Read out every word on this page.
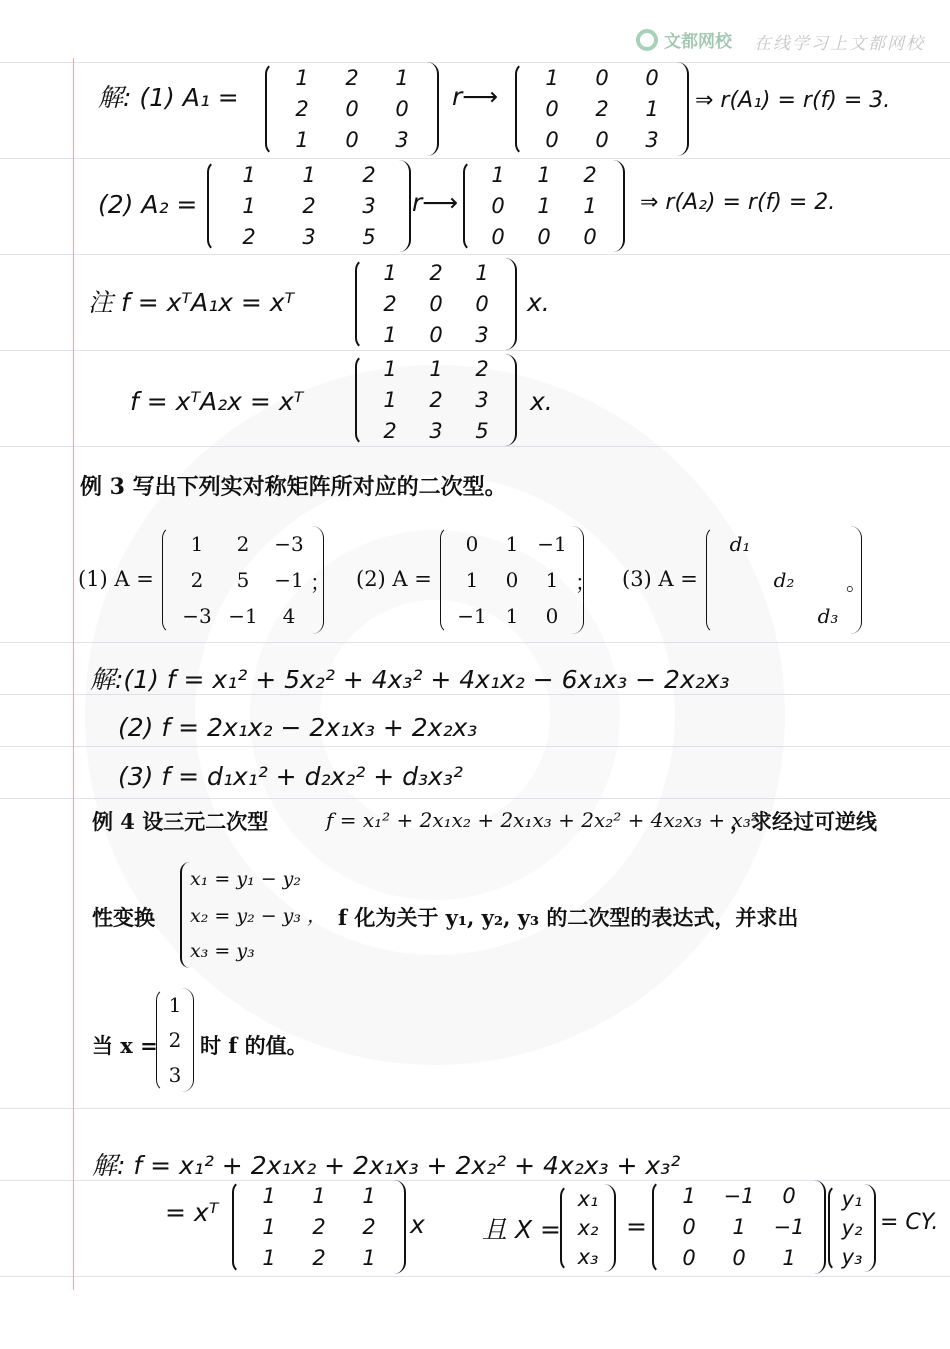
文都网校 在线学习上文都网校
解: (1) A₁ =
1 2 1
2 0 0
1 0 3
r⟶
1 0 0
0 2 1
0 0 3
⇒ r(A₁) = r(f) = 3.
(2) A₂ =
1 1 2
1 2 3
2 3 5
r⟶
1 1 2
0 1 1
0 0 0
⇒ r(A₂) = r(f) = 2.
注 f = xᵀA₁x = xᵀ
1 2 1
2 0 0
1 0 3
x.
f = xᵀA₂x = xᵀ
1 1 2
1 2 3
2 3 5
x.
例 3 写出下列实对称矩阵所对应的二次型。
(1) A =
1 2 −3
2 5 −1
−3 −1 4
； (2) A =
0 1 −1
1 0 1
−1 1 0
； (3) A =
d₁
d₂
d₃
。
解:(1) f = x₁² + 5x₂² + 4x₃² + 4x₁x₂ − 6x₁x₃ − 2x₂x₃
(2) f = 2x₁x₂ − 2x₁x₃ + 2x₂x₃
(3) f = d₁x₁² + d₂x₂² + d₃x₃²
例 4 设三元二次型	f = x₁² + 2x₁x₂ + 2x₁x₃ + 2x₂² + 4x₂x₃ + x₃²
，求经过可逆线
性变换
x₁ = y₁ − y₂
x₂ = y₂ − y₃ ，
x₃ = y₃
f 化为关于 y₁, y₂, y₃ 的二次型的表达式，并求出
当 x =
1
2
3
时 f 的值。
解: f = x₁² + 2x₁x₂ + 2x₁x₃ + 2x₂² + 4x₂x₃ + x₃²
= xᵀ
1 1 1
1 2 2
1 2 1
x 且 X =
x₁
x₂
x₃
=
1 −1 0
0 1 −1
0 0 1
y₁
y₂
y₃
= CY.
